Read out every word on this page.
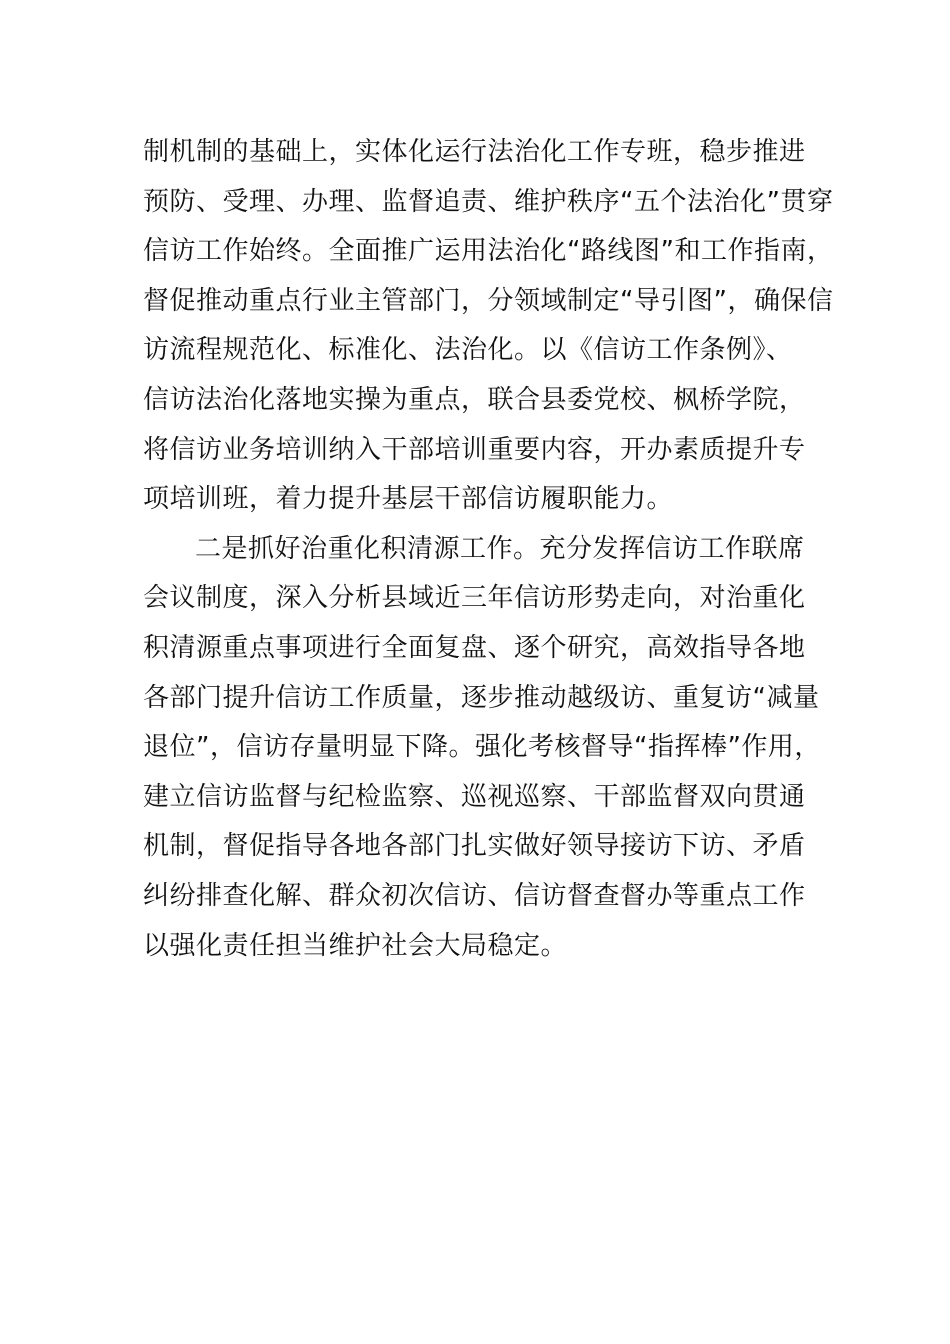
制机制的基础上，实体化运行法治化工作专班，稳步推进
预防、受理、办理、监督追责、维护秩序“五个法治化”贯穿
信访工作始终。全面推广运用法治化“路线图”和工作指南，
督促推动重点行业主管部门，分领域制定“导引图”，确保信
访流程规范化、标准化、法治化。以《信访工作条例》、
信访法治化落地实操为重点，联合县委党校、枫桥学院，
将信访业务培训纳入干部培训重要内容，开办素质提升专
项培训班，着力提升基层干部信访履职能力。
二是抓好治重化积清源工作。充分发挥信访工作联席
会议制度，深入分析县域近三年信访形势走向，对治重化
积清源重点事项进行全面复盘、逐个研究，高效指导各地
各部门提升信访工作质量，逐步推动越级访、重复访“减量
退位”，信访存量明显下降。强化考核督导“指挥棒”作用，
建立信访监督与纪检监察、巡视巡察、干部监督双向贯通
机制，督促指导各地各部门扎实做好领导接访下访、矛盾
纠纷排查化解、群众初次信访、信访督查督办等重点工作
以强化责任担当维护社会大局稳定。
